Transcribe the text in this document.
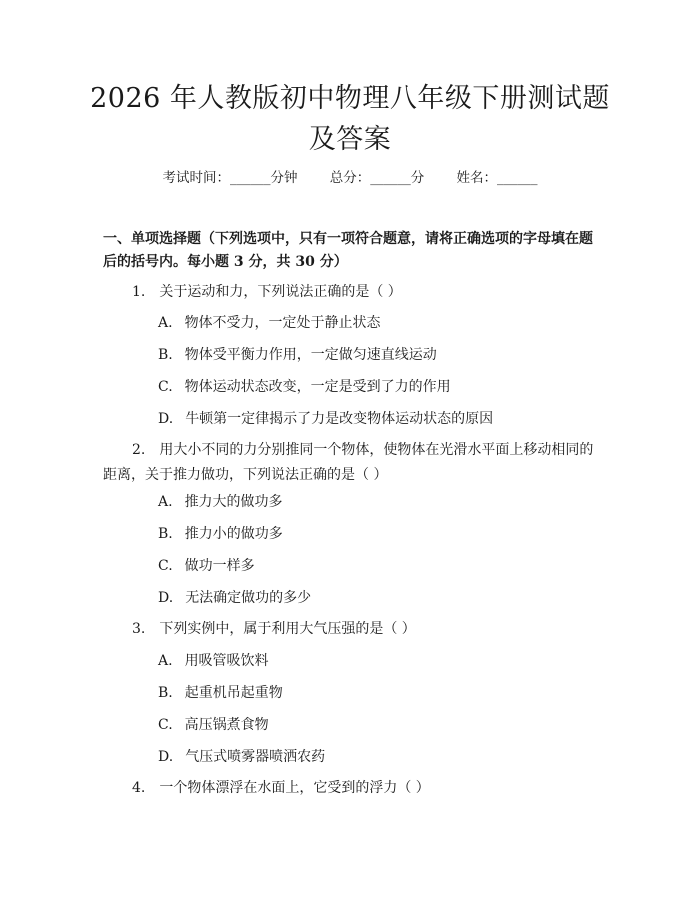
2026 年人教版初中物理八年级下册测试题及答案
考试时间：______分钟 总分：______分 姓名：______
一、单项选择题（下列选项中，只有一项符合题意，请将正确选项的字母填在题后的括号内。每小题 3 分，共 30 分）
1. 关于运动和力，下列说法正确的是（ ）
A. 物体不受力，一定处于静止状态
B. 物体受平衡力作用，一定做匀速直线运动
C. 物体运动状态改变，一定是受到了力的作用
D. 牛顿第一定律揭示了力是改变物体运动状态的原因
2. 用大小不同的力分别推同一个物体，使物体在光滑水平面上移动相同的距离，关于推力做功，下列说法正确的是（ ）
A. 推力大的做功多
B. 推力小的做功多
C. 做功一样多
D. 无法确定做功的多少
3. 下列实例中，属于利用大气压强的是（ ）
A. 用吸管吸饮料
B. 起重机吊起重物
C. 高压锅煮食物
D. 气压式喷雾器喷洒农药
4. 一个物体漂浮在水面上，它受到的浮力（ ）
